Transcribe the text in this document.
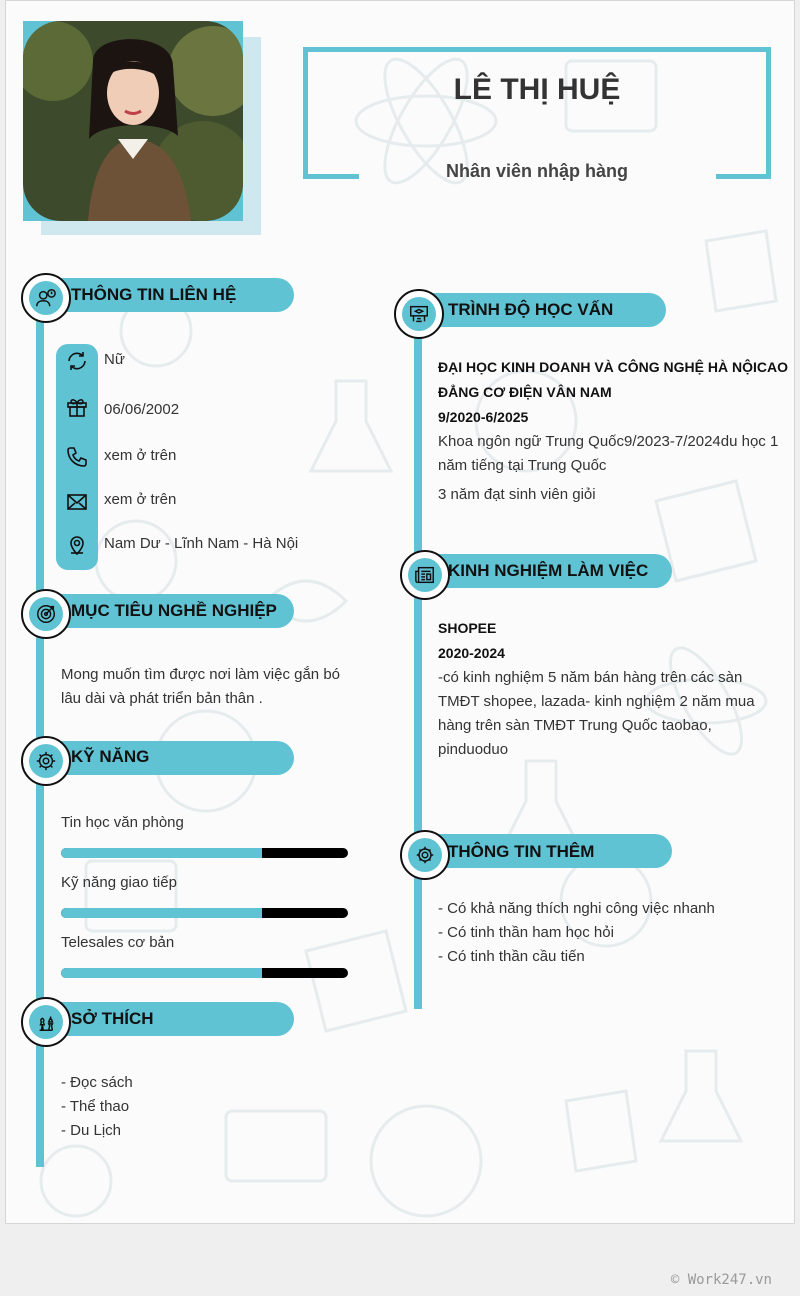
LÊ THỊ HUỆ
Nhân viên nhập hàng
THÔNG TIN LIÊN HỆ
Nữ
06/06/2002
xem ở trên
xem ở trên
Nam Dư - Lĩnh Nam - Hà Nội
MỤC TIÊU NGHỀ NGHIỆP
Mong muốn tìm được nơi làm việc gắn bó
lâu dài và phát triển bản thân .
KỸ NĂNG
Tin học văn phòng
Kỹ năng giao tiếp
Telesales cơ bản
SỞ THÍCH
- Đọc sách
- Thể thao
- Du Lịch
TRÌNH ĐỘ HỌC VẤN
ĐẠI HỌC KINH DOANH VÀ CÔNG NGHỆ HÀ NỘICAO
ĐẲNG CƠ ĐIỆN VÂN NAM
9/2020-6/2025
Khoa ngôn ngữ Trung Quốc9/2023-7/2024du học 1
năm tiếng tại Trung Quốc
3 năm đạt sinh viên giỏi
KINH NGHIỆM LÀM VIỆC
SHOPEE
2020-2024
-có kinh nghiệm 5 năm bán hàng trên các sàn
TMĐT shopee, lazada- kinh nghiệm 2 năm mua
hàng trên sàn TMĐT Trung Quốc taobao,
pinduoduo
THÔNG TIN THÊM
- Có khả năng thích nghi công việc nhanh
- Có tinh thần ham học hỏi
- Có tinh thần cầu tiến
© Work247.vn
